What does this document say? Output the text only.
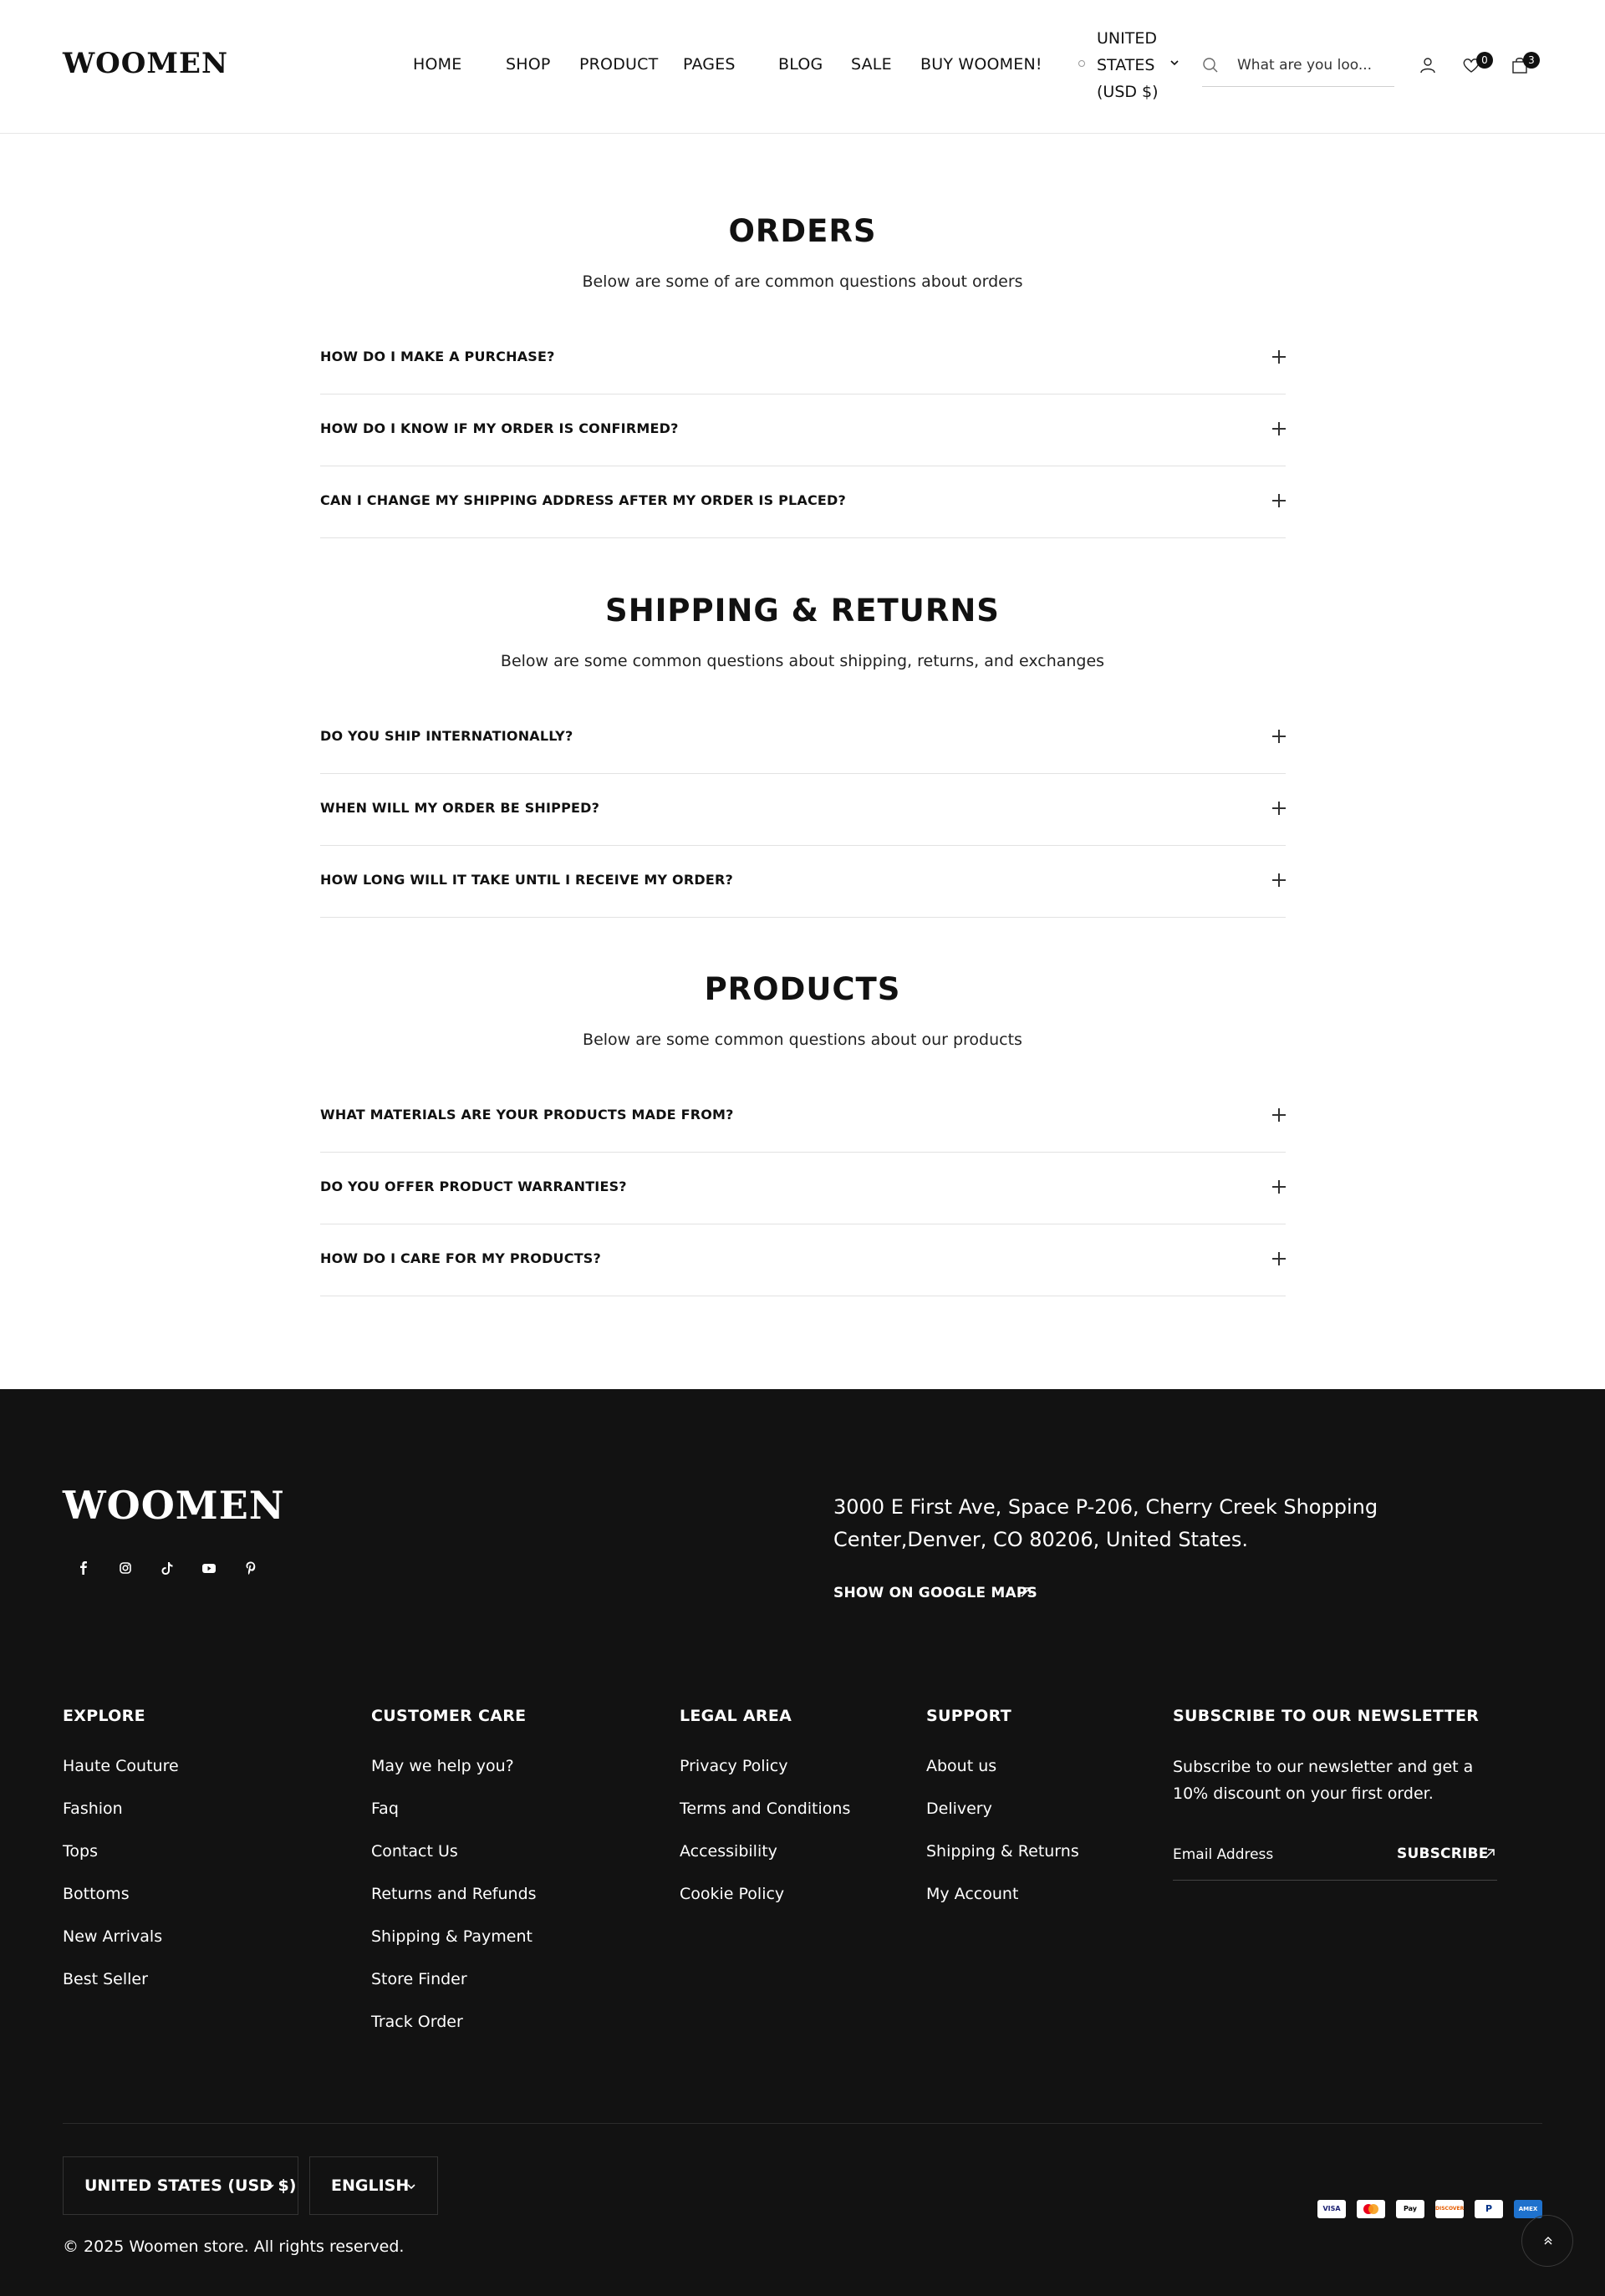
WOOMEN	HOME	SHOP PRODUCT PAGES	BLOG SALE BUY WOOMEN!
UNITED
STATES
(USD $)
What are you loo...
0	3
ORDERS
Below are some of are common questions about orders
HOW DO I MAKE A PURCHASE?
HOW DO I KNOW IF MY ORDER IS CONFIRMED?
CAN I CHANGE MY SHIPPING ADDRESS AFTER MY ORDER IS PLACED?
SHIPPING & RETURNS
Below are some common questions about shipping, returns, and exchanges
DO YOU SHIP INTERNATIONALLY?
WHEN WILL MY ORDER BE SHIPPED?
HOW LONG WILL IT TAKE UNTIL I RECEIVE MY ORDER?
PRODUCTS
Below are some common questions about our products
WHAT MATERIALS ARE YOUR PRODUCTS MADE FROM?
DO YOU OFFER PRODUCT WARRANTIES?
HOW DO I CARE FOR MY PRODUCTS?
WOOMEN	3000 E First Ave, Space P-206, Cherry Creek Shopping Center,Denver, CO 80206, United States.
SHOW ON GOOGLE MAPS
EXPLORE
Haute Couture
Fashion
Tops
Bottoms
New Arrivals
Best Seller
CUSTOMER CARE
May we help you?
Faq
Contact Us
Returns and Refunds
Shipping & Payment
Store Finder
Track Order
LEGAL AREA
Privacy Policy
Terms and Conditions
Accessibility
Cookie Policy
SUPPORT
About us
Delivery
Shipping & Returns
My Account
SUBSCRIBE TO OUR NEWSLETTER
Subscribe to our newsletter and get a 10% discount on your first order.
Email Address
SUBSCRIBE
UNITED STATES (USD $)	ENGLISH
© 2025 Woomen store. All rights reserved.
VISA	Pay	DISCOVER	P	AMEX
